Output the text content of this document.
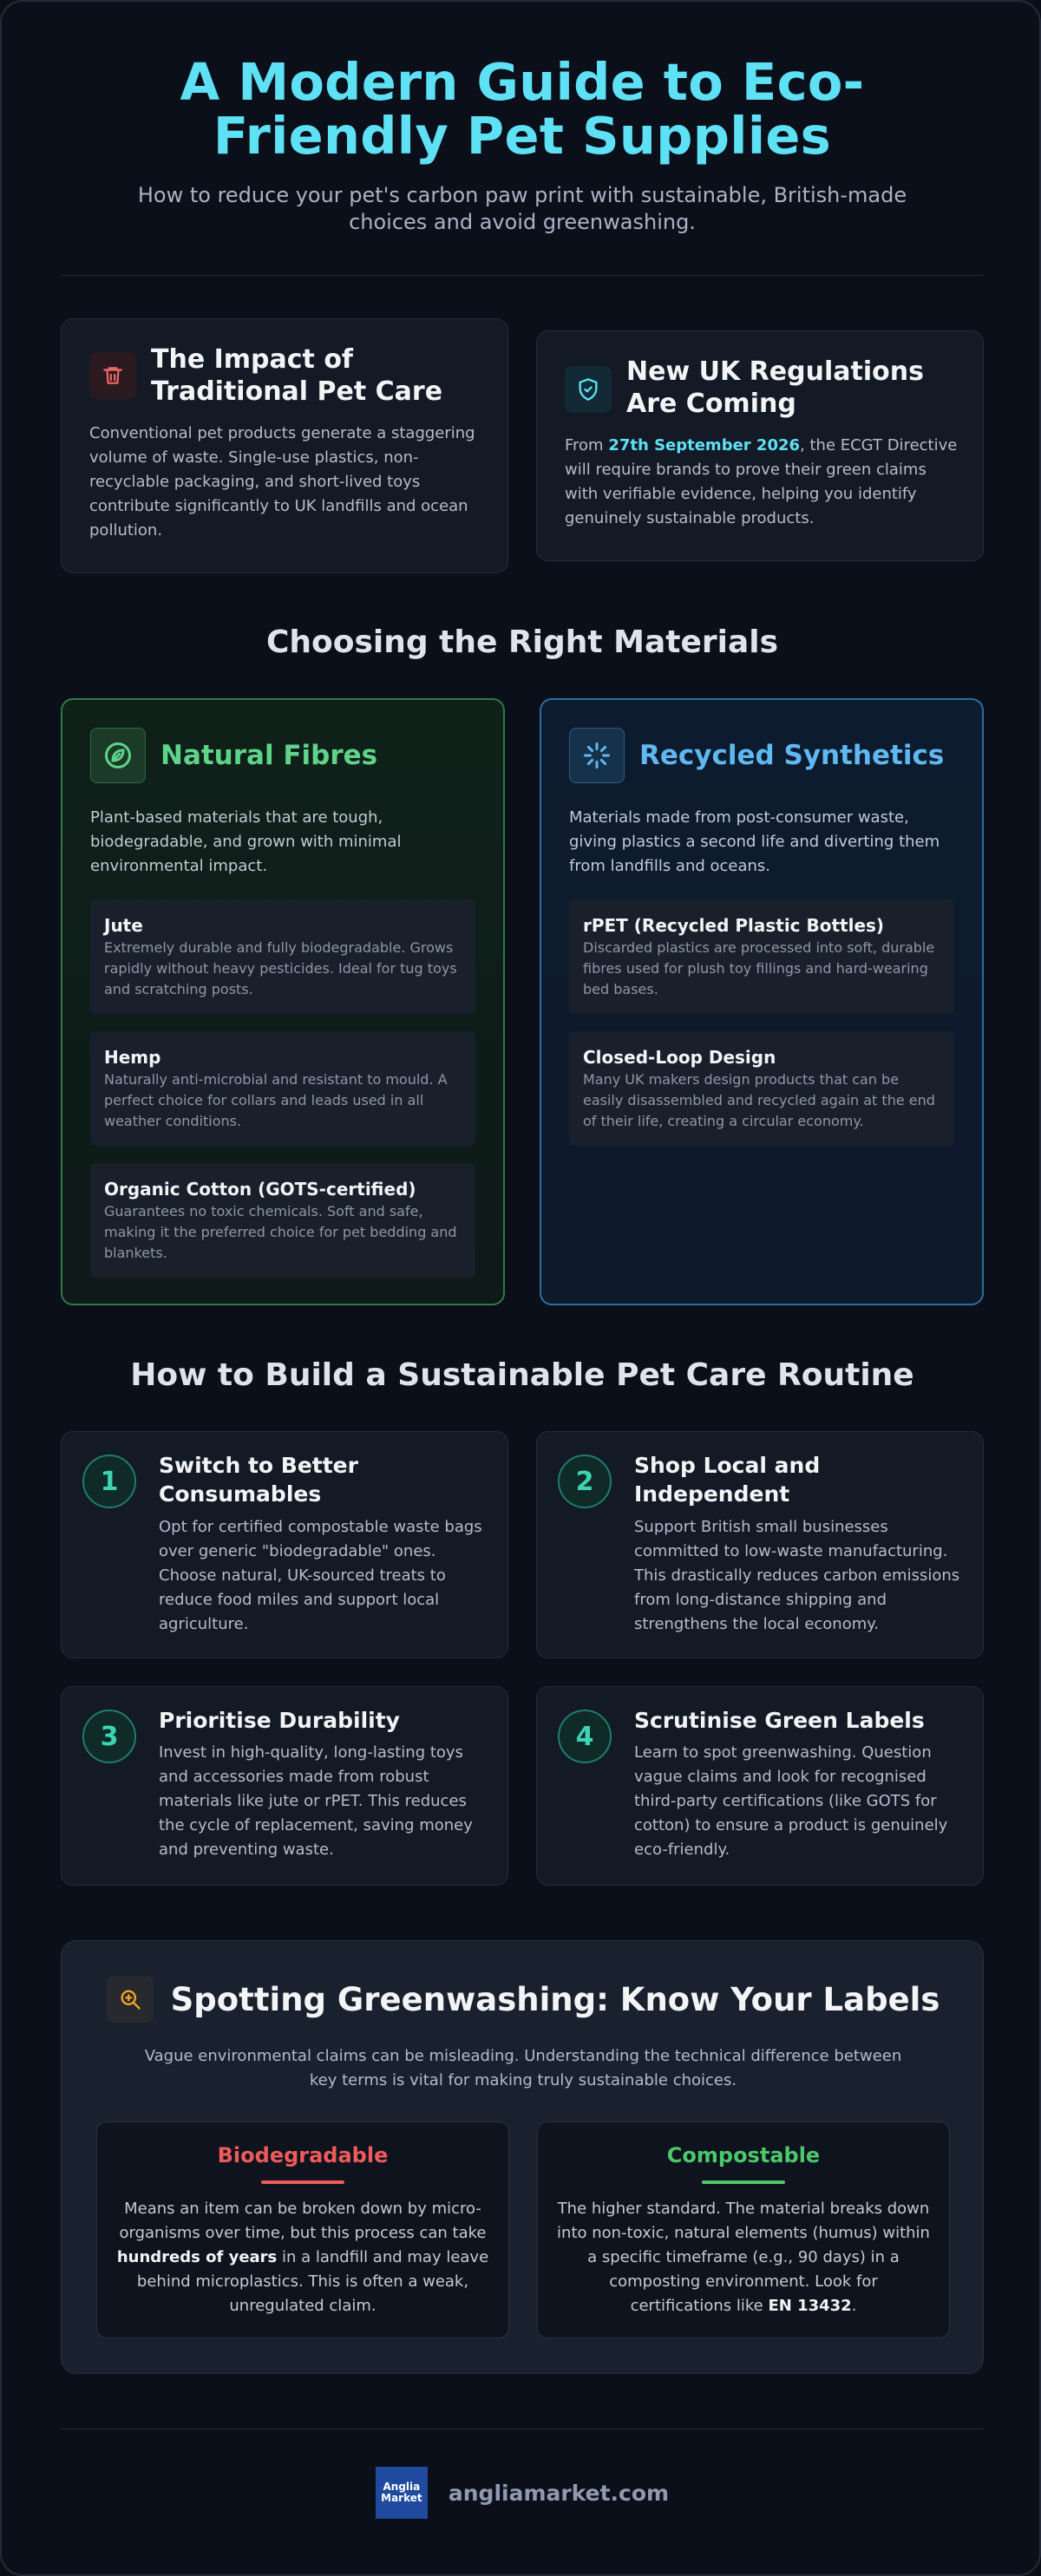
A Modern Guide to Eco-Friendly Pet Supplies

How to reduce your pet's carbon paw print with sustainable, British-made choices and avoid greenwashing.

The Impact of Traditional Pet Care
Conventional pet products generate a staggering volume of waste. Single-use plastics, non-recyclable packaging, and short-lived toys contribute significantly to UK landfills and ocean pollution.
New UK Regulations Are Coming
From 27th September 2026, the ECGT Directive will require brands to prove their green claims with verifiable evidence, helping you identify genuinely sustainable products.
Choosing the Right Materials
Natural Fibres
Plant-based materials that are tough, biodegradable, and grown with minimal environmental impact.
Jute
Extremely durable and fully biodegradable. Grows rapidly without heavy pesticides. Ideal for tug toys and scratching posts.
Hemp
Naturally anti-microbial and resistant to mould. A perfect choice for collars and leads used in all weather conditions.
Organic Cotton (GOTS-certified)
Guarantees no toxic chemicals. Soft and safe, making it the preferred choice for pet bedding and blankets.
Recycled Synthetics
Materials made from post-consumer waste, giving plastics a second life and diverting them from landfills and oceans.
rPET (Recycled Plastic Bottles)
Discarded plastics are processed into soft, durable fibres used for plush toy fillings and hard-wearing bed bases.
Closed-Loop Design
Many UK makers design products that can be easily disassembled and recycled again at the end of their life, creating a circular economy.
How to Build a Sustainable Pet Care Routine
1
Switch to Better Consumables
Opt for certified compostable waste bags over generic "biodegradable" ones. Choose natural, UK-sourced treats to reduce food miles and support local agriculture.
2
Shop Local and Independent
Support British small businesses committed to low-waste manufacturing. This drastically reduces carbon emissions from long-distance shipping and strengthens the local economy.
3
Prioritise Durability
Invest in high-quality, long-lasting toys and accessories made from robust materials like jute or rPET. This reduces the cycle of replacement, saving money and preventing waste.
4
Scrutinise Green Labels
Learn to spot greenwashing. Question vague claims and look for recognised third-party certifications (like GOTS for cotton) to ensure a product is genuinely eco-friendly.
Spotting Greenwashing: Know Your Labels
Vague environmental claims can be misleading. Understanding the technical difference between key terms is vital for making truly sustainable choices.
Biodegradable
Means an item can be broken down by micro-organisms over time, but this process can take hundreds of years in a landfill and may leave behind microplastics. This is often a weak, unregulated claim.
Compostable
The higher standard. The material breaks down into non-toxic, natural elements (humus) within a specific timeframe (e.g., 90 days) in a composting environment. Look for certifications like EN 13432.
Anglia Market angliamarket.com
